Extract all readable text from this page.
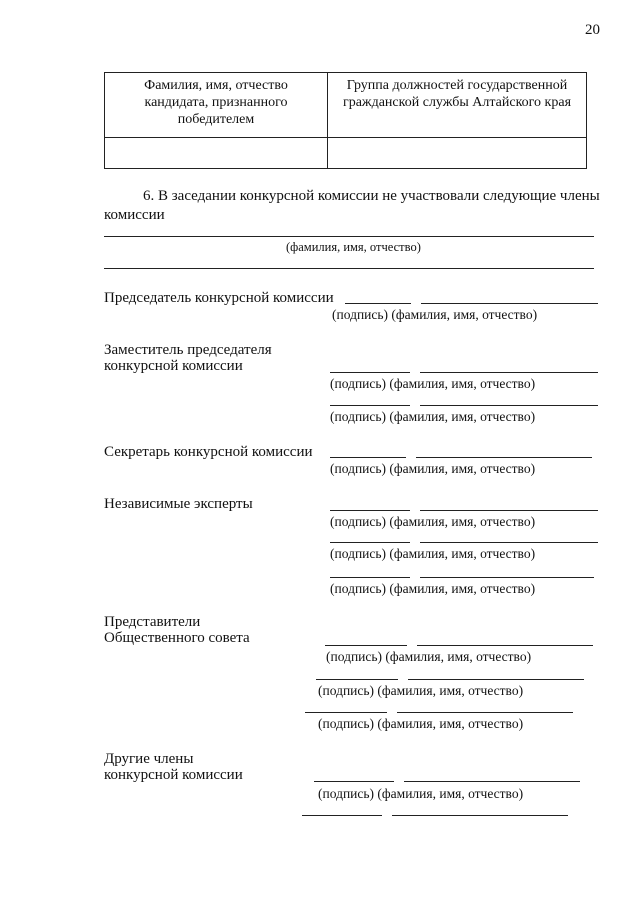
20
Фамилия, имя, отчество кандидата, признанного победителем	Группа должностей государственной гражданской службы Алтайского края

6. В заседании конкурсной комиссии не участвовали следующие члены
комиссии
(фамилия, имя, отчество)
Председатель конкурсной комиссии
(подпись) (фамилия, имя, отчество)
Заместитель председателя
конкурсной комиссии
(подпись) (фамилия, имя, отчество)
(подпись) (фамилия, имя, отчество)
Секретарь конкурсной комиссии
(подпись) (фамилия, имя, отчество)
Независимые эксперты
(подпись) (фамилия, имя, отчество)
(подпись) (фамилия, имя, отчество)
(подпись) (фамилия, имя, отчество)
Представители
Общественного совета
(подпись) (фамилия, имя, отчество)
(подпись) (фамилия, имя, отчество)
(подпись) (фамилия, имя, отчество)
Другие члены
конкурсной комиссии
(подпись) (фамилия, имя, отчество)
